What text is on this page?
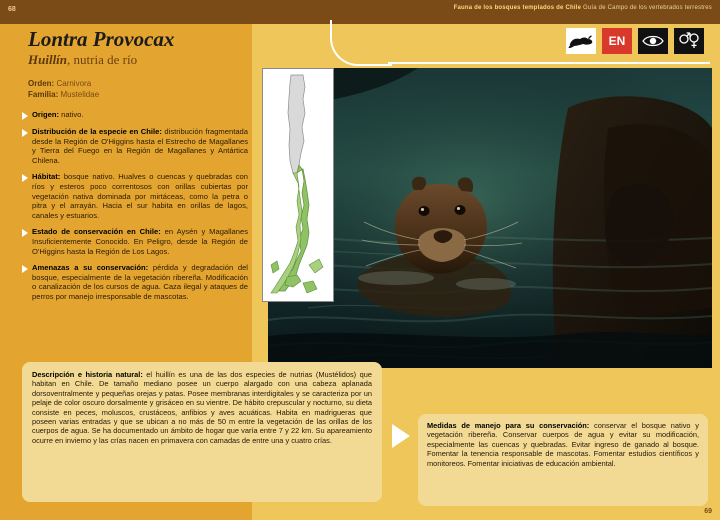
68	Fauna de los bosques templados de Chile Guía de Campo de los vertebrados terrestres
Lontra Provocax
Huillín, nutria de río
EN
Orden: Carnivora
Familia: Mustelidae
Origen: nativo.
Distribución de la especie en Chile: distribución fragmentada desde la Región de O'Higgins hasta el Estrecho de Magallanes y Tierra del Fuego en la Región de Magallanes y Antártica Chilena.
Hábitat: bosque nativo. Hualves o cuencas y quebradas con ríos y esteros poco correntosos con orillas cubiertas por vegetación nativa dominada por mirtáceas, como la petra o pitra y el arrayán. Hacia el sur habita en orillas de lagos, canales y estuarios.
Estado de conservación en Chile: en Aysén y Magallanes Insuficientemente Conocido. En Peligro, desde la Región de O'Higgins hasta la Región de Los Lagos.
Amenazas a su conservación: pérdida y degradación del bosque, especialmente de la vegetación ribereña. Modificación o canalización de los cursos de agua. Caza ilegal y ataques de perros por manejo irresponsable de mascotas.
Descripción e historia natural: el huillín es una de las dos especies de nutrias (Mustélidos) que habitan en Chile. De tamaño mediano posee un cuerpo alargado con una cabeza aplanada dorsoventralmente y pequeñas orejas y patas. Posee membranas interdigitales y se caracteriza por un pelaje de color oscuro dorsalmente y grisáceo en su vientre. De hábito crepuscular y nocturno, su dieta consiste en peces, moluscos, crustáceos, anfibios y aves acuáticas. Habita en madrigueras que poseen varias entradas y que se ubican a no más de 50 m entre la vegetación de las orillas de los cuerpos de agua. Se ha documentado un ámbito de hogar que varía entre 7 y 22 km. Su apareamiento ocurre en invierno y las crías nacen en primavera con camadas de entre una y cuatro crías.
Medidas de manejo para su conservación: conservar el bosque nativo y vegetación ribereña. Conservar cuerpos de agua y evitar su modificación, especialmente las cuencas y quebradas. Evitar ingreso de ganado al bosque. Fomentar la tenencia responsable de mascotas. Fomentar estudios científicos y monitoreos. Fomentar iniciativas de educación ambiental.
69
